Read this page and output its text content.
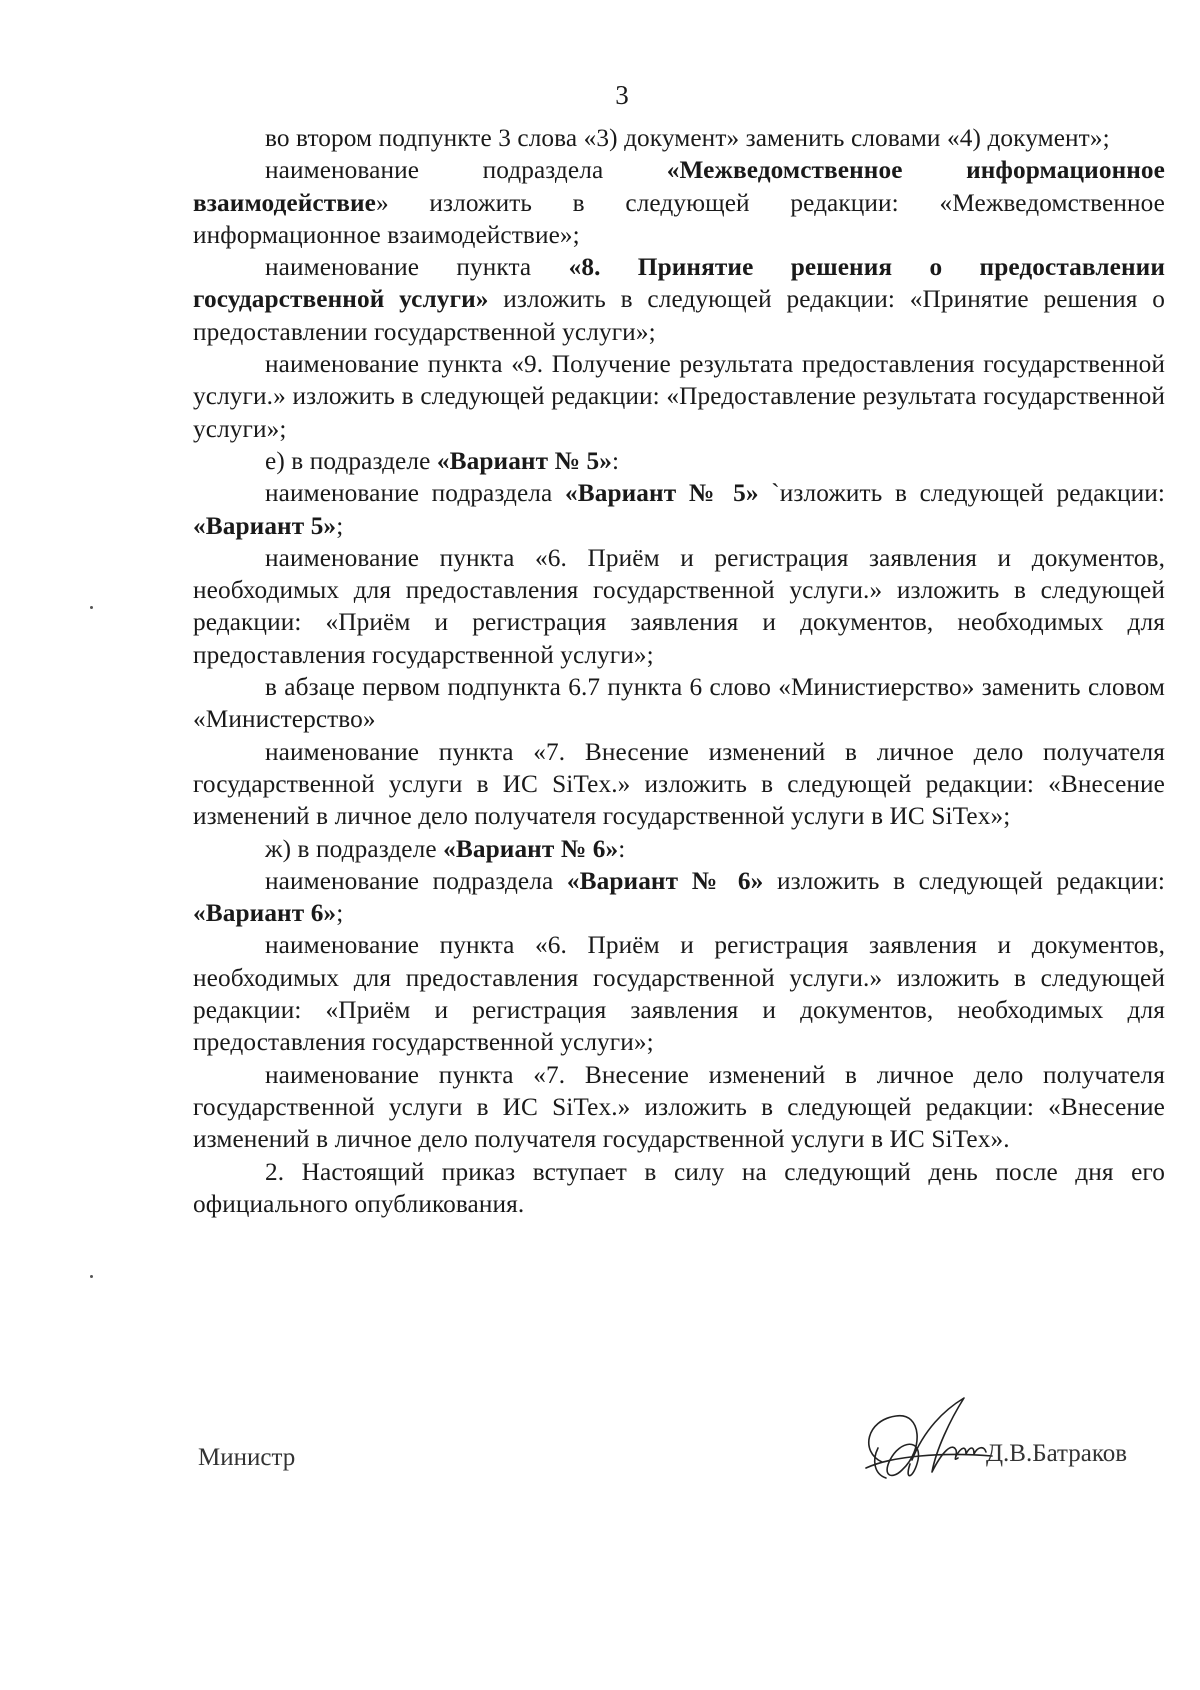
3

во втором подпункте 3 слова «3) документ» заменить словами «4) документ»;

наименование подраздела «Межведомственное информационное взаимодействие» изложить в следующей редакции: «Межведомственное информационное взаимодействие»;

наименование пункта «8. Принятие решения о предоставлении государственной услуги» изложить в следующей редакции: «Принятие решения о предоставлении государственной услуги»;

наименование пункта «9. Получение результата предоставления государственной услуги.» изложить в следующей редакции: «Предоставление результата государственной услуги»;

е) в подразделе «Вариант № 5»:

наименование подраздела «Вариант № 5» `изложить в следующей редакции: «Вариант 5»;

наименование пункта «6. Приём и регистрация заявления и документов, необходимых для предоставления государственной услуги.» изложить в следующей редакции: «Приём и регистрация заявления и документов, необходимых для предоставления государственной услуги»;

в абзаце первом подпункта 6.7 пункта 6 слово «Министиерство» заменить словом «Министерство»

наименование пункта «7. Внесение изменений в личное дело получателя государственной услуги в ИС SiTex.» изложить в следующей редакции: «Внесение изменений в личное дело получателя государственной услуги в ИС SiTex»;

ж) в подразделе «Вариант № 6»:

наименование подраздела «Вариант № 6» изложить в следующей редакции: «Вариант 6»;

наименование пункта «6. Приём и регистрация заявления и документов, необходимых для предоставления государственной услуги.» изложить в следующей редакции: «Приём и регистрация заявления и документов, необходимых для предоставления государственной услуги»;

наименование пункта «7. Внесение изменений в личное дело получателя государственной услуги в ИС SiTex.» изложить в следующей редакции: «Внесение изменений в личное дело получателя государственной услуги в ИС SiTex».

2. Настоящий приказ вступает в силу на следующий день после дня его официального опубликования.

Министр	Д.В.Батраков
